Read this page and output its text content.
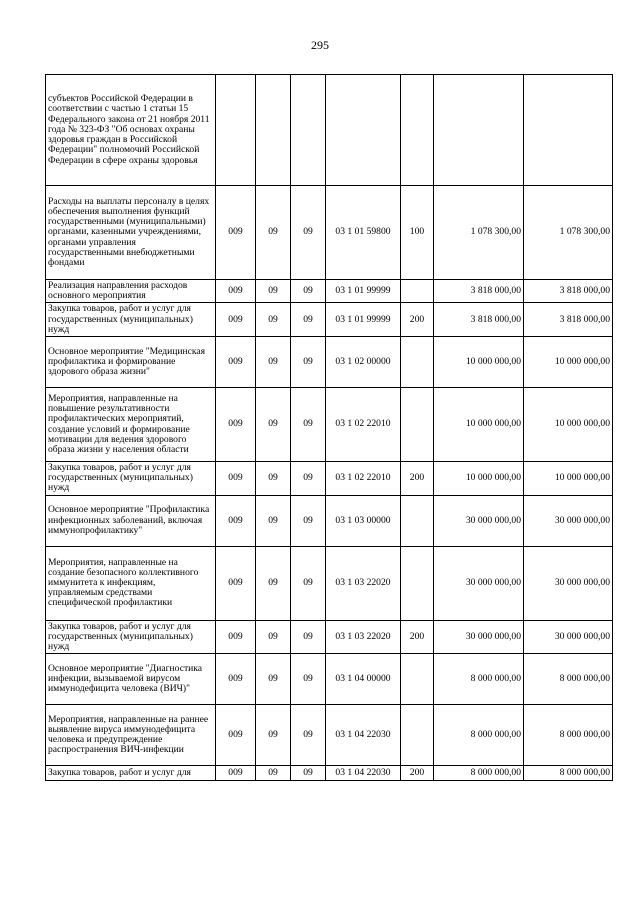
295
субъектов Российской Федерации в соответствии с частью 1 статьи 15 Федерального закона от 21 ноября 2011 года № 323-ФЗ "Об основах охраны здоровья граждан в Российской Федерации" полномочий Российской Федерации в сфере охраны здоровья							
Расходы на выплаты персоналу в целях обеспечения выполнения функций государственными (муниципальными) органами, казенными учреждениями, органами управления государственными внебюджетными фондами	009	09	09	03 1 01 59800	100	1 078 300,00	1 078 300,00
Реализация направления расходов основного мероприятия	009	09	09	03 1 01 99999		3 818 000,00	3 818 000,00
Закупка товаров, работ и услуг для государственных (муниципальных) нужд	009	09	09	03 1 01 99999	200	3 818 000,00	3 818 000,00
Основное мероприятие "Медицинская профилактика и формирование здорового образа жизни"	009	09	09	03 1 02 00000		10 000 000,00	10 000 000,00
Мероприятия, направленные на повышение результативности профилактических мероприятий, создание условий и формирование мотивации для ведения здорового образа жизни у населения области	009	09	09	03 1 02 22010		10 000 000,00	10 000 000,00
Закупка товаров, работ и услуг для государственных (муниципальных) нужд	009	09	09	03 1 02 22010	200	10 000 000,00	10 000 000,00
Основное мероприятие "Профилактика инфекционных заболеваний, включая иммунопрофилактику"	009	09	09	03 1 03 00000		30 000 000,00	30 000 000,00
Мероприятия, направленные на создание безопасного коллективного иммунитета к инфекциям, управляемым средствами специфической профилактики	009	09	09	03 1 03 22020		30 000 000,00	30 000 000,00
Закупка товаров, работ и услуг для государственных (муниципальных) нужд	009	09	09	03 1 03 22020	200	30 000 000,00	30 000 000,00
Основное мероприятие "Диагностика инфекции, вызываемой вирусом иммунодефицита человека (ВИЧ)"	009	09	09	03 1 04 00000		8 000 000,00	8 000 000,00
Мероприятия, направленные на раннее выявление вируса иммунодефицита человека и предупреждение распространения ВИЧ-инфекции	009	09	09	03 1 04 22030		8 000 000,00	8 000 000,00
Закупка товаров, работ и услуг для	009	09	09	03 1 04 22030	200	8 000 000,00	8 000 000,00
